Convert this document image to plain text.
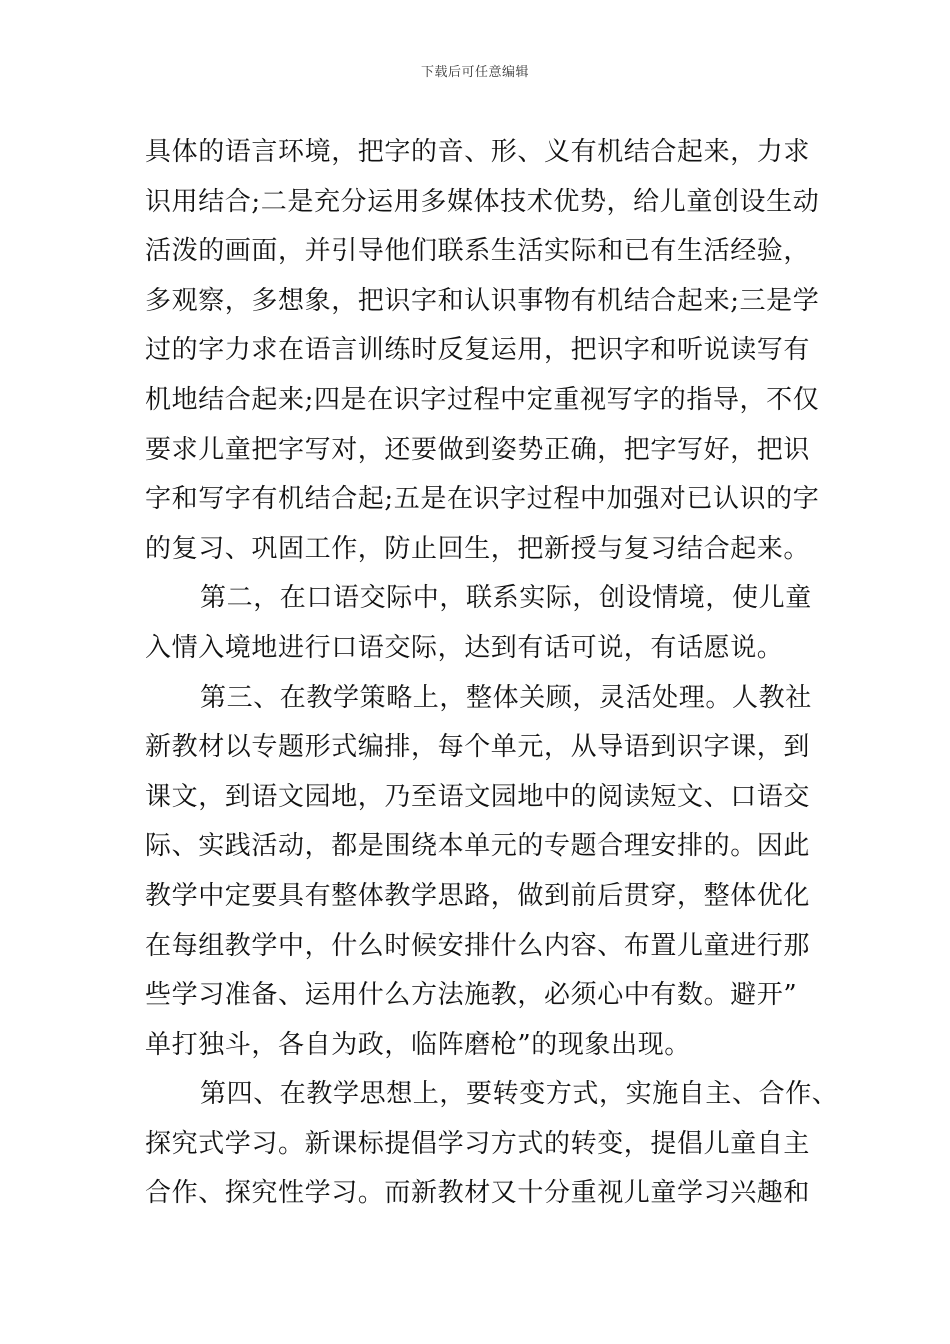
下载后可任意编辑
具体的语言环境，把字的音、形、义有机结合起来，力求
识用结合;二是充分运用多媒体技术优势，给儿童创设生动
活泼的画面，并引导他们联系生活实际和已有生活经验，
多观察，多想象，把识字和认识事物有机结合起来;三是学
过的字力求在语言训练时反复运用，把识字和听说读写有
机地结合起来;四是在识字过程中定重视写字的指导，不仅
要求儿童把字写对，还要做到姿势正确，把字写好，把识
字和写字有机结合起;五是在识字过程中加强对已认识的字
的复习、巩固工作，防止回生，把新授与复习结合起来。
第二，在口语交际中，联系实际，创设情境，使儿童
入情入境地进行口语交际，达到有话可说，有话愿说。
第三、在教学策略上，整体关顾，灵活处理。人教社
新教材以专题形式编排，每个单元，从导语到识字课，到
课文，到语文园地，乃至语文园地中的阅读短文、口语交
际、实践活动，都是围绕本单元的专题合理安排的。因此
教学中定要具有整体教学思路，做到前后贯穿，整体优化
在每组教学中，什么时候安排什么内容、布置儿童进行那
些学习准备、运用什么方法施教，必须心中有数。避开”
单打独斗，各自为政，临阵磨枪”的现象出现。
第四、在教学思想上，要转变方式，实施自主、合作、
探究式学习。新课标提倡学习方式的转变，提倡儿童自主
合作、探究性学习。而新教材又十分重视儿童学习兴趣和
